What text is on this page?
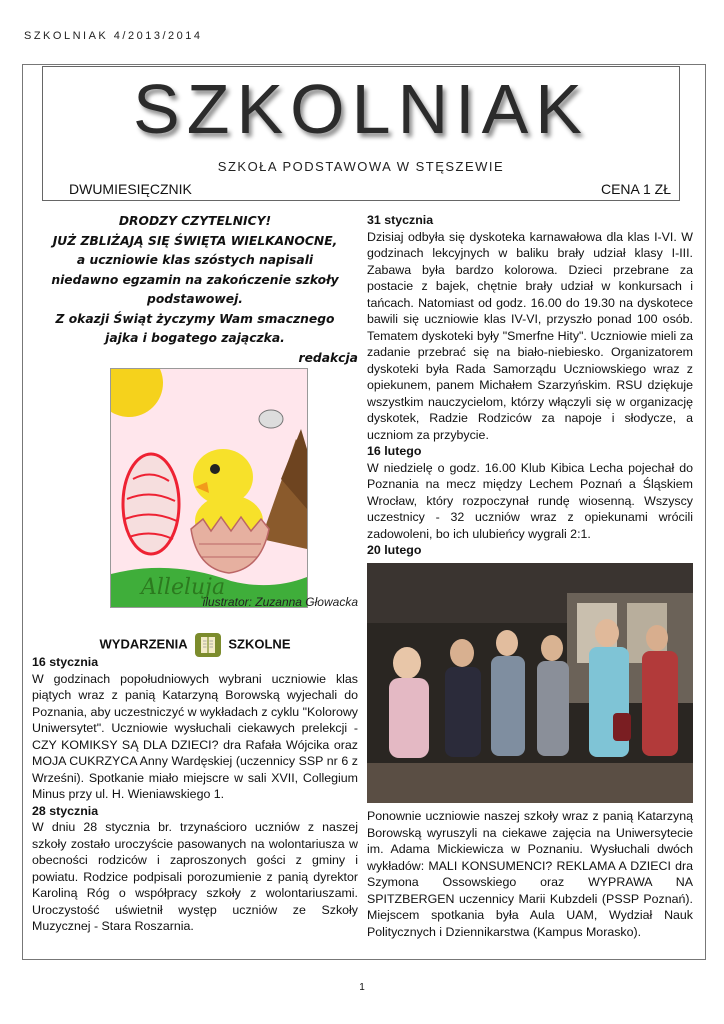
SZKOLNIAK 4/2013/2014
SZKOLNIAK
SZKOŁA PODSTAWOWA W STĘSZEWIE
DWUMIESIĘCZNIK	CENA 1 ZŁ
DRODZY CZYTELNICY!
JUŻ ZBLIŻAJĄ SIĘ ŚWIĘTA WIELKANOCNE,
a uczniowie klas szóstych napisali
niedawno egzamin na zakończenie szkoły
podstawowej.
Z okazji Świąt życzymy Wam smacznego
jajka i bogatego zajączka.
redakcja
Alleluja
ilustrator: Zuzanna Głowacka
WYDARZENIA	SZKOLNE
16 stycznia
W godzinach popołudniowych wybrani uczniowie klas piątych wraz z panią Katarzyną Borowską wyjechali do Poznania, aby uczestniczyć w wykładach z cyklu "Kolorowy Uniwersytet". Uczniowie wysłuchali ciekawych prelekcji - CZY KOMIKSY SĄ DLA DZIECI? dra Rafała Wójcika oraz MOJA CUKRZYCA Anny Wardęskiej (uczennicy SSP nr 6 z Wrześni). Spotkanie miało miejscre w sali XVII, Collegium Minus przy ul. H. Wieniawskiego 1.
28 stycznia
W dniu 28 stycznia br. trzynaścioro uczniów z naszej szkoły zostało uroczyście pasowanych na wolontariusza w obecności rodziców i zaproszonych gości z gminy i powiatu. Rodzice podpisali porozumienie z panią dyrektor Karoliną Róg o współpracy szkoły z wolontariuszami. Uroczystość uświetnił występ uczniów ze Szkoły Muzycznej - Stara Roszarnia.
31 stycznia
Dzisiaj odbyła się dyskoteka karnawałowa dla klas I-VI. W godzinach lekcyjnych w baliku brały udział klasy I-III. Zabawa była bardzo kolorowa. Dzieci przebrane za postacie z bajek, chętnie brały udział w konkursach i tańcach. Natomiast od godz. 16.00 do 19.30 na dyskotece bawili się uczniowie klas IV-VI, przyszło ponad 100 osób. Tematem dyskoteki były "Smerfne Hity". Uczniowie mieli za zadanie przebrać się na biało-niebiesko. Organizatorem dyskoteki była Rada Samorządu Uczniowskiego wraz z opiekunem, panem Michałem Szarzyńskim. RSU dziękuje wszystkim nauczycielom, którzy włączyli się w organizację dyskotek, Radzie Rodziców za napoje i słodycze, a uczniom za przybycie.
16 lutego
W niedzielę o godz. 16.00 Klub Kibica Lecha pojechał do Poznania na mecz między Lechem Poznań a Śląskiem Wrocław, który rozpoczynał rundę wiosenną. Wszyscy uczestnicy - 32 uczniów wraz z opiekunami wrócili zadowoleni, bo ich ulubieńcy wygrali 2:1.
20 lutego
Ponownie uczniowie naszej szkoły wraz z panią Katarzyną Borowską wyruszyli na ciekawe zajęcia na Uniwersytecie im. Adama Mickiewicza w Poznaniu. Wysłuchali dwóch wykładów: MALI KONSUMENCI? REKLAMA A DZIECI dra Szymona Ossowskiego oraz WYPRAWA NA SPITZBERGEN uczennicy Marii Kubzdeli (PSSP Poznań). Miejscem spotkania była Aula UAM, Wydział Nauk Politycznych i Dziennikarstwa (Kampus Morasko).
1
